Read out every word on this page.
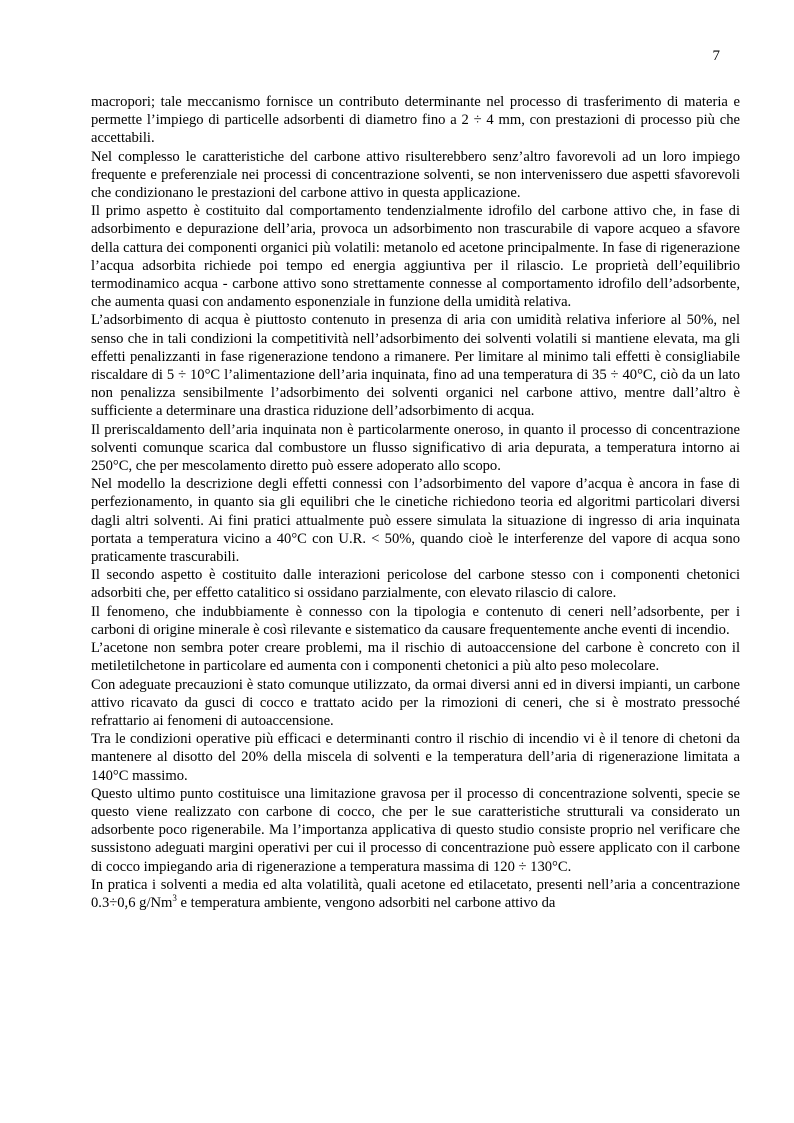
7

macropori; tale meccanismo fornisce un contributo determinante nel processo di trasferimento di materia e permette l’impiego di particelle adsorbenti di diametro fino a 2 ÷ 4 mm, con prestazioni di processo più che accettabili.

Nel complesso le caratteristiche del carbone attivo risulterebbero senz’altro favorevoli ad un loro impiego frequente e preferenziale nei processi di concentrazione solventi, se non intervenissero due aspetti sfavorevoli che condizionano le prestazioni del carbone attivo in questa applicazione.

Il primo aspetto è costituito dal comportamento tendenzialmente idrofilo del carbone attivo che, in fase di adsorbimento e depurazione dell’aria, provoca un adsorbimento non trascurabile di vapore acqueo a sfavore della cattura dei componenti organici più volatili: metanolo ed acetone principalmente. In fase di rigenerazione l’acqua adsorbita richiede poi tempo ed energia aggiuntiva per il rilascio. Le proprietà dell’equilibrio termodinamico acqua - carbone attivo sono strettamente connesse al comportamento idrofilo dell’adsorbente, che aumenta quasi con andamento esponenziale in funzione della umidità relativa.

L’adsorbimento di acqua è piuttosto contenuto in presenza di aria con umidità relativa inferiore al 50%, nel senso che in tali condizioni la competitività nell’adsorbimento dei solventi volatili si mantiene elevata, ma gli effetti penalizzanti in fase rigenerazione tendono a rimanere. Per limitare al minimo tali effetti è consigliabile riscaldare di 5 ÷ 10°C l’alimentazione dell’aria inquinata, fino ad una temperatura di 35 ÷ 40°C, ciò da un lato non penalizza sensibilmente l’adsorbimento dei solventi organici nel carbone attivo, mentre dall’altro è sufficiente a determinare una drastica riduzione dell’adsorbimento di acqua.

Il preriscaldamento dell’aria inquinata non è particolarmente oneroso, in quanto il processo di concentrazione solventi comunque scarica dal combustore un flusso significativo di aria depurata, a temperatura intorno ai 250°C, che per mescolamento diretto può essere adoperato allo scopo.

Nel modello la descrizione degli effetti connessi con l’adsorbimento del vapore d’acqua è ancora in fase di perfezionamento, in quanto sia gli equilibri che le cinetiche richiedono teoria ed algoritmi particolari diversi dagli altri solventi. Ai fini pratici attualmente può essere simulata la situazione di ingresso di aria inquinata portata a temperatura vicino a 40°C con U.R. < 50%, quando cioè le interferenze del vapore di acqua sono praticamente trascurabili.

Il secondo aspetto è costituito dalle interazioni pericolose del carbone stesso con i componenti chetonici adsorbiti che, per effetto catalitico si ossidano parzialmente, con elevato rilascio di calore.

Il fenomeno, che indubbiamente è connesso con la tipologia e contenuto di ceneri nell’adsorbente, per i carboni di origine minerale è così rilevante e sistematico da causare frequentemente anche eventi di incendio.

L’acetone non sembra poter creare problemi, ma il rischio di autoaccensione del carbone è concreto con il metiletilchetone in particolare ed aumenta con i componenti chetonici a più alto peso molecolare.

Con adeguate precauzioni è stato comunque utilizzato, da ormai diversi anni ed in diversi impianti, un carbone attivo ricavato da gusci di cocco e trattato acido per la rimozioni di ceneri, che si è mostrato pressoché refrattario ai fenomeni di autoaccensione.

Tra le condizioni operative più efficaci e determinanti contro il rischio di incendio vi è il tenore di chetoni da mantenere al disotto del 20% della miscela di solventi e la temperatura dell’aria di rigenerazione limitata a 140°C massimo.

Questo ultimo punto costituisce una limitazione gravosa per il processo di concentrazione solventi, specie se questo viene realizzato con carbone di cocco, che per le sue caratteristiche strutturali va considerato un adsorbente poco rigenerabile. Ma l’importanza applicativa di questo studio consiste proprio nel verificare che sussistono adeguati margini operativi per cui il processo di concentrazione può essere applicato con il carbone di cocco impiegando aria di rigenerazione a temperatura massima di 120 ÷ 130°C.

In pratica i solventi a media ed alta volatilità, quali acetone ed etilacetato, presenti nell’aria a concentrazione 0.3÷0,6 g/Nm$^3$ e temperatura ambiente, vengono adsorbiti nel carbone attivo da
